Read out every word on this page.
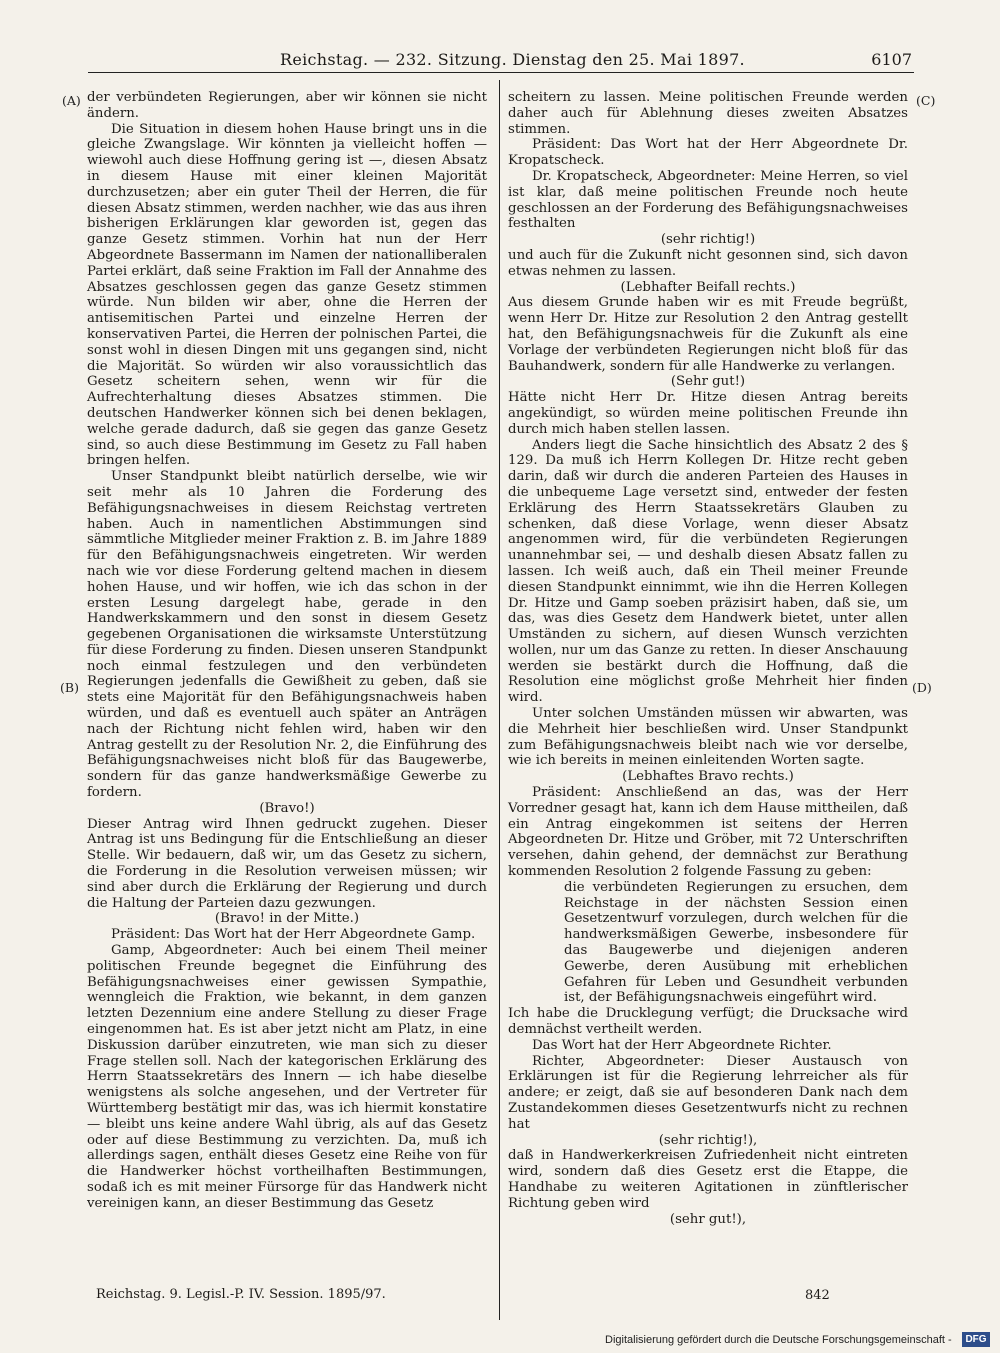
Reichstag. — 232. Sitzung. Dienstag den 25. Mai 1897.	6107
(A)
(B)
(C)
(D)

der verbündeten Regierungen, aber wir können sie nicht ändern.

Die Situation in diesem hohen Hause bringt uns in die gleiche Zwangslage. Wir könnten ja vielleicht hoffen — wiewohl auch diese Hoffnung gering ist —, diesen Absatz in diesem Hause mit einer kleinen Majorität durchzusetzen; aber ein guter Theil der Herren, die für diesen Absatz stimmen, werden nachher, wie das aus ihren bisherigen Erklärungen klar geworden ist, gegen das ganze Gesetz stimmen. Vorhin hat nun der Herr Abgeordnete Bassermann im Namen der nationalliberalen Partei erklärt, daß seine Fraktion im Fall der Annahme des Absatzes geschlossen gegen das ganze Gesetz stimmen würde. Nun bilden wir aber, ohne die Herren der antisemitischen Partei und einzelne Herren der konservativen Partei, die Herren der polnischen Partei, die sonst wohl in diesen Dingen mit uns gegangen sind, nicht die Majorität. So würden wir also voraussichtlich das Gesetz scheitern sehen, wenn wir für die Aufrechterhaltung dieses Absatzes stimmen. Die deutschen Handwerker können sich bei denen beklagen, welche gerade dadurch, daß sie gegen das ganze Gesetz sind, so auch diese Bestimmung im Gesetz zu Fall haben bringen helfen.

Unser Standpunkt bleibt natürlich derselbe, wie wir seit mehr als 10 Jahren die Forderung des Befähigungsnachweises in diesem Reichstag vertreten haben. Auch in namentlichen Abstimmungen sind sämmtliche Mitglieder meiner Fraktion z. B. im Jahre 1889 für den Befähigungsnachweis eingetreten. Wir werden nach wie vor diese Forderung geltend machen in diesem hohen Hause, und wir hoffen, wie ich das schon in der ersten Lesung dargelegt habe, gerade in den Handwerkskammern und den sonst in diesem Gesetz gegebenen Organisationen die wirksamste Unterstützung für diese Forderung zu finden. Diesen unseren Standpunkt noch einmal festzulegen und den verbündeten Regierungen jedenfalls die Gewißheit zu geben, daß sie stets eine Majorität für den Befähigungsnachweis haben würden, und daß es eventuell auch später an Anträgen nach der Richtung nicht fehlen wird, haben wir den Antrag gestellt zu der Resolution Nr. 2, die Einführung des Befähigungsnachweises nicht bloß für das Baugewerbe, sondern für das ganze handwerksmäßige Gewerbe zu fordern.

(Bravo!)

Dieser Antrag wird Ihnen gedruckt zugehen. Dieser Antrag ist uns Bedingung für die Entschließung an dieser Stelle. Wir bedauern, daß wir, um das Gesetz zu sichern, die Forderung in die Resolution verweisen müssen; wir sind aber durch die Erklärung der Regierung und durch die Haltung der Parteien dazu gezwungen.

(Bravo! in der Mitte.)

Präsident: Das Wort hat der Herr Abgeordnete Gamp.

Gamp, Abgeordneter: Auch bei einem Theil meiner politischen Freunde begegnet die Einführung des Befähigungsnachweises einer gewissen Sympathie, wenngleich die Fraktion, wie bekannt, in dem ganzen letzten Dezennium eine andere Stellung zu dieser Frage eingenommen hat. Es ist aber jetzt nicht am Platz, in eine Diskussion darüber einzutreten, wie man sich zu dieser Frage stellen soll. Nach der kategorischen Erklärung des Herrn Staatssekretärs des Innern — ich habe dieselbe wenigstens als solche angesehen, und der Vertreter für Württemberg bestätigt mir das, was ich hiermit konstatire — bleibt uns keine andere Wahl übrig, als auf das Gesetz oder auf diese Bestimmung zu verzichten. Da, muß ich allerdings sagen, enthält dieses Gesetz eine Reihe von für die Handwerker höchst vortheilhaften Bestimmungen, sodaß ich es mit meiner Fürsorge für das Handwerk nicht vereinigen kann, an dieser Bestimmung das Gesetz

scheitern zu lassen. Meine politischen Freunde werden daher auch für Ablehnung dieses zweiten Absatzes stimmen.

Präsident: Das Wort hat der Herr Abgeordnete Dr. Kropatscheck.

Dr. Kropatscheck, Abgeordneter: Meine Herren, so viel ist klar, daß meine politischen Freunde noch heute geschlossen an der Forderung des Befähigungsnachweises festhalten

(sehr richtig!)

und auch für die Zukunft nicht gesonnen sind, sich davon etwas nehmen zu lassen.

(Lebhafter Beifall rechts.)

Aus diesem Grunde haben wir es mit Freude begrüßt, wenn Herr Dr. Hitze zur Resolution 2 den Antrag gestellt hat, den Befähigungsnachweis für die Zukunft als eine Vorlage der verbündeten Regierungen nicht bloß für das Bauhandwerk, sondern für alle Handwerke zu verlangen.

(Sehr gut!)

Hätte nicht Herr Dr. Hitze diesen Antrag bereits angekündigt, so würden meine politischen Freunde ihn durch mich haben stellen lassen.

Anders liegt die Sache hinsichtlich des Absatz 2 des § 129. Da muß ich Herrn Kollegen Dr. Hitze recht geben darin, daß wir durch die anderen Parteien des Hauses in die unbequeme Lage versetzt sind, entweder der festen Erklärung des Herrn Staatssekretärs Glauben zu schenken, daß diese Vorlage, wenn dieser Absatz angenommen wird, für die verbündeten Regierungen unannehmbar sei, — und deshalb diesen Absatz fallen zu lassen. Ich weiß auch, daß ein Theil meiner Freunde diesen Standpunkt einnimmt, wie ihn die Herren Kollegen Dr. Hitze und Gamp soeben präzisirt haben, daß sie, um das, was dies Gesetz dem Handwerk bietet, unter allen Umständen zu sichern, auf diesen Wunsch verzichten wollen, nur um das Ganze zu retten. In dieser Anschauung werden sie bestärkt durch die Hoffnung, daß die Resolution eine möglichst große Mehrheit hier finden wird.

Unter solchen Umständen müssen wir abwarten, was die Mehrheit hier beschließen wird. Unser Standpunkt zum Befähigungsnachweis bleibt nach wie vor derselbe, wie ich bereits in meinen einleitenden Worten sagte.

(Lebhaftes Bravo rechts.)

Präsident: Anschließend an das, was der Herr Vorredner gesagt hat, kann ich dem Hause mittheilen, daß ein Antrag eingekommen ist seitens der Herren Abgeordneten Dr. Hitze und Gröber, mit 72 Unterschriften versehen, dahin gehend, der demnächst zur Berathung kommenden Resolution 2 folgende Fassung zu geben:

die verbündeten Regierungen zu ersuchen, dem Reichstage in der nächsten Session einen Gesetzentwurf vorzulegen, durch welchen für die handwerksmäßigen Gewerbe, insbesondere für das Baugewerbe und diejenigen anderen Gewerbe, deren Ausübung mit erheblichen Gefahren für Leben und Gesundheit verbunden ist, der Befähigungsnachweis eingeführt wird.

Ich habe die Drucklegung verfügt; die Drucksache wird demnächst vertheilt werden.

Das Wort hat der Herr Abgeordnete Richter.

Richter, Abgeordneter: Dieser Austausch von Erklärungen ist für die Regierung lehrreicher als für andere; er zeigt, daß sie auf besonderen Dank nach dem Zustandekommen dieses Gesetzentwurfs nicht zu rechnen hat

(sehr richtig!),

daß in Handwerkerkreisen Zufriedenheit nicht eintreten wird, sondern daß dies Gesetz erst die Etappe, die Handhabe zu weiteren Agitationen in zünftlerischer Richtung geben wird

(sehr gut!),

Reichstag. 9. Legisl.-P. IV. Session. 1895/97.	842
Digitalisierung gefördert durch die Deutsche Forschungsgemeinschaft -	DFG
